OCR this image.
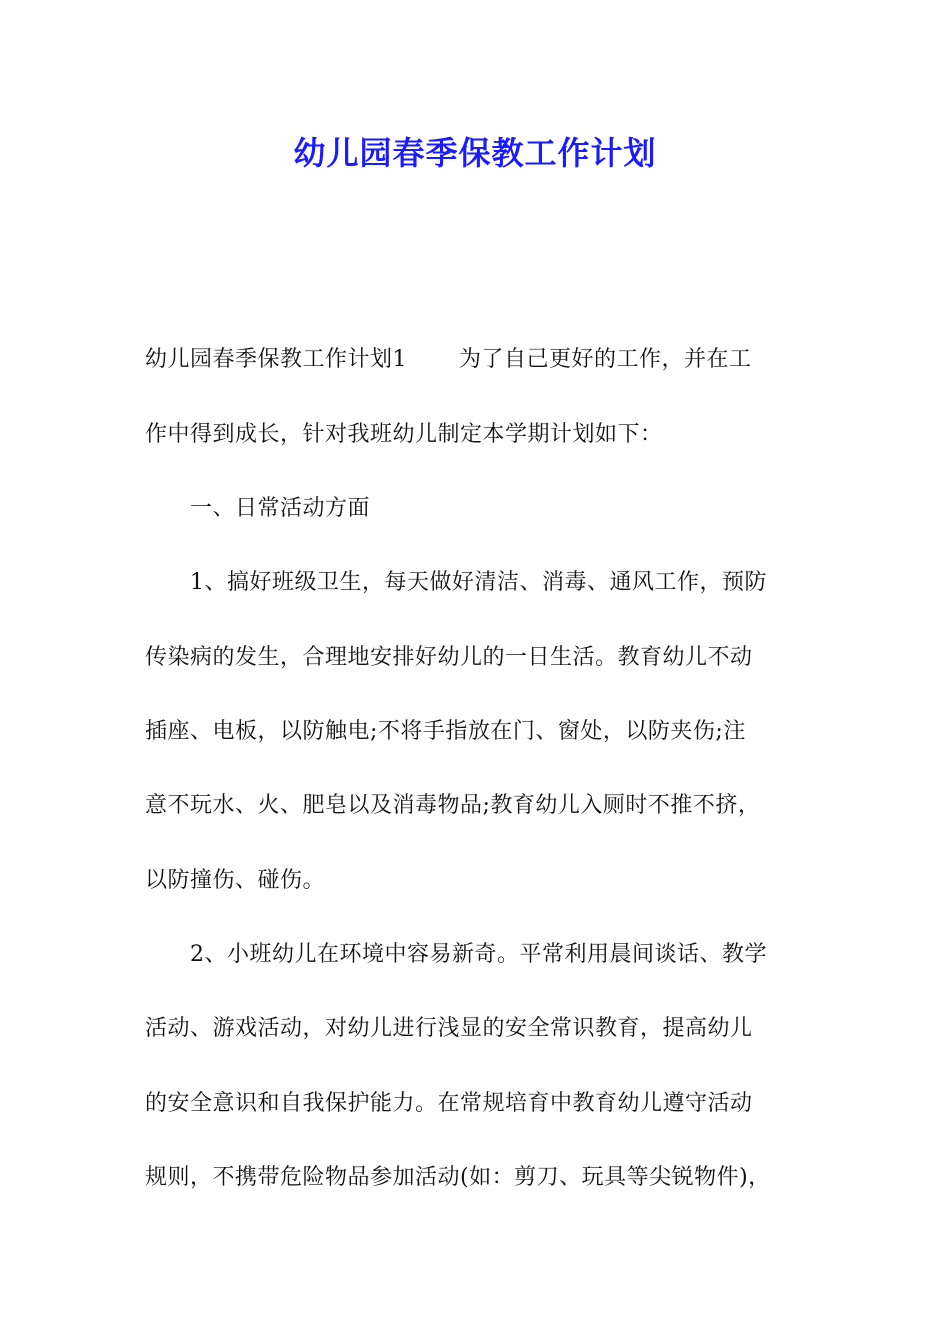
幼儿园春季保教工作计划
幼儿园春季保教工作计划1 为了自己更好的工作，并在工
作中得到成长，针对我班幼儿制定本学期计划如下：
一、日常活动方面
1、搞好班级卫生，每天做好清洁、消毒、通风工作，预防
传染病的发生，合理地安排好幼儿的一日生活。教育幼儿不动
插座、电板，以防触电;不将手指放在门、窗处，以防夹伤;注
意不玩水、火、肥皂以及消毒物品;教育幼儿入厕时不推不挤，
以防撞伤、碰伤。
2、小班幼儿在环境中容易新奇。平常利用晨间谈话、教学
活动、游戏活动，对幼儿进行浅显的安全常识教育，提高幼儿
的安全意识和自我保护能力。在常规培育中教育幼儿遵守活动
规则，不携带危险物品参加活动(如：剪刀、玩具等尖锐物件)，
